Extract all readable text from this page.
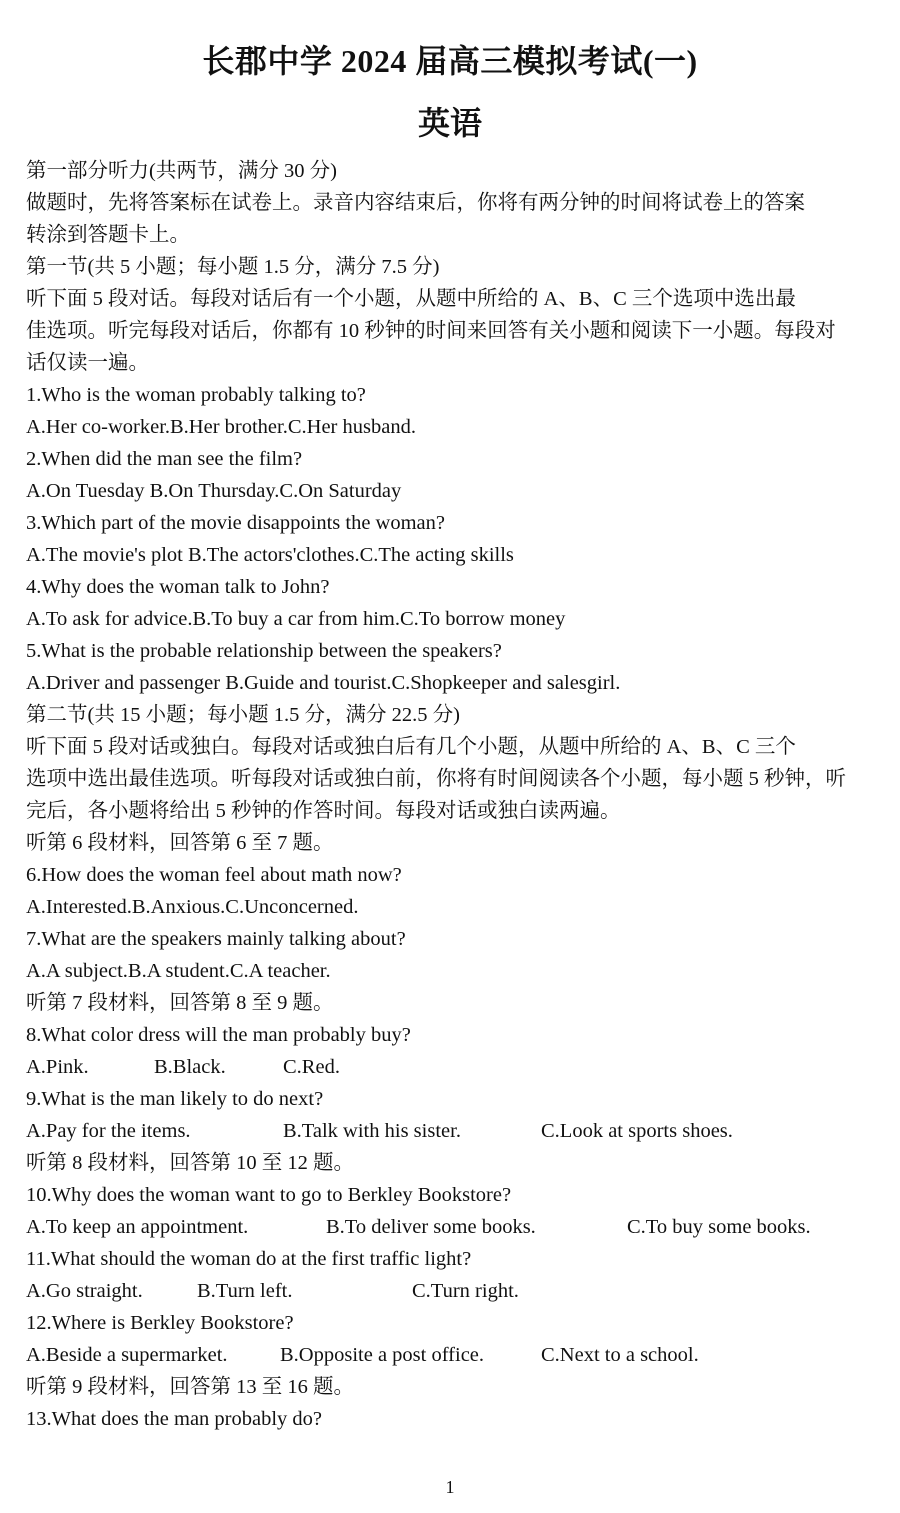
长郡中学 2024 届高三模拟考试(一)
英语

第一部分听力(共两节，满分 30 分)

做题时，先将答案标在试卷上。录音内容结束后，你将有两分钟的时间将试卷上的答案

转涂到答题卡上。

第一节(共 5 小题；每小题 1.5 分，满分 7.5 分)

听下面 5 段对话。每段对话后有一个小题，从题中所给的 A、B、C 三个选项中选出最

佳选项。听完每段对话后，你都有 10 秒钟的时间来回答有关小题和阅读下一小题。每段对

话仅读一遍。

1.Who is the woman probably talking to?

A.Her co-worker.B.Her brother.C.Her husband.

2.When did the man see the film?

A.On Tuesday B.On Thursday.C.On Saturday

3.Which part of the movie disappoints the woman?

A.The movie's plot B.The actors'clothes.C.The acting skills

4.Why does the woman talk to John?

A.To ask for advice.B.To buy a car from him.C.To borrow money

5.What is the probable relationship between the speakers?

A.Driver and passenger B.Guide and tourist.C.Shopkeeper and salesgirl.

第二节(共 15 小题；每小题 1.5 分，满分 22.5 分)

听下面 5 段对话或独白。每段对话或独白后有几个小题，从题中所给的 A、B、C 三个

选项中选出最佳选项。听每段对话或独白前，你将有时间阅读各个小题，每小题 5 秒钟，听

完后，各小题将给出 5 秒钟的作答时间。每段对话或独白读两遍。

听第 6 段材料，回答第 6 至 7 题。

6.How does the woman feel about math now?

A.Interested.B.Anxious.C.Unconcerned.

7.What are the speakers mainly talking about?

A.A subject.B.A student.C.A teacher.

听第 7 段材料，回答第 8 至 9 题。

8.What color dress will the man probably buy?

A.Pink.	B.Black.	C.Red.

9.What is the man likely to do next?

A.Pay for the items.	B.Talk with his sister.	C.Look at sports shoes.

听第 8 段材料，回答第 10 至 12 题。

10.Why does the woman want to go to Berkley Bookstore?

A.To keep an appointment.	B.To deliver some books.	C.To buy some books.

11.What should the woman do at the first traffic light?

A.Go straight.	B.Turn left.	C.Turn right.

12.Where is Berkley Bookstore?

A.Beside a supermarket.	B.Opposite a post office.	C.Next to a school.

听第 9 段材料，回答第 13 至 16 题。

13.What does the man probably do?

1
